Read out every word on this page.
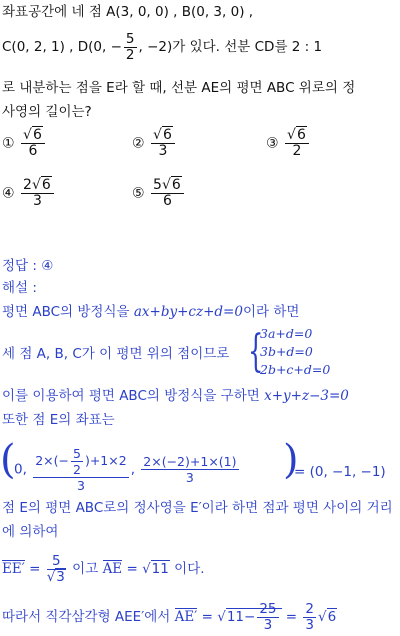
좌표공간에 네 점 A(3, 0, 0) , B(0, 3, 0) ,
C(0, 2, 1) , D(0, − $\frac{5}{2}$ , −2)가 있다. 선분 CD를 2 : 1
로 내분하는 점을 E라 할 때, 선분 AE의 평면 ABC 위로의 정
사영의 길이는?
① $\frac{√6}{6}$	② $\frac{√6}{3}$	③ $\frac{√6}{2}$
④ $\frac{2√6}{3}$	⑤ $\frac{5√6}{6}$
정답 : ④
해설 :
평면 ABC의 방정식을 ax+by+cz+d=0이라 하면
세 점 A, B, C가 이 평면 위의 점이므로 {
3a+d=0
3b+d=0
2b+c+d=0
이를 이용하여 평면 ABC의 방정식을 구하면 x+y+z−3=0
또한 점 E의 좌표는
(
0, $\frac{2\times(- \frac{5}{2} )+1\times 2}{3}$ , $\frac{2\times(-2)+1\times(1)}{3}$ )
= (0, −1, −1)
점 E의 평면 ABC로의 정사영을 E′이라 하면 점과 평면 사이의 거리
에 의하여
$EE' = \frac{5}{√3}$ 이고 AE = √11 이다.
따라서 직각삼각형 AEE′에서 $AE' = √11- \frac{25}{3} = \frac{2}{3} √6$
